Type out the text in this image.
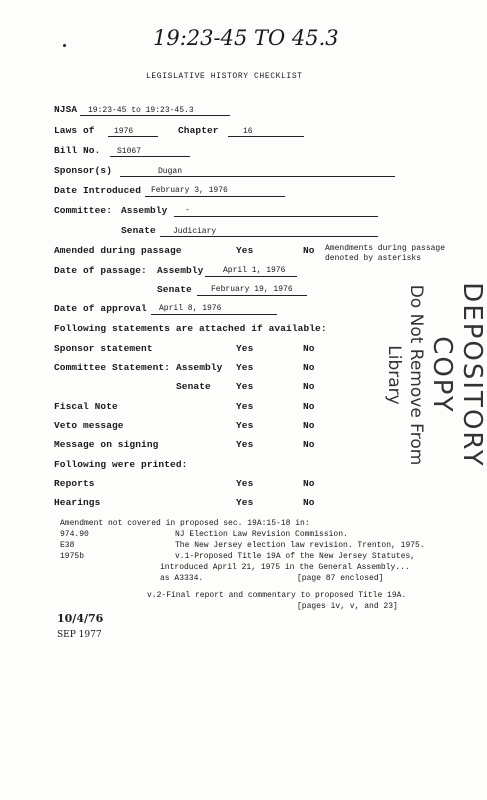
19:23-45 TO 45.3
LEGISLATIVE HISTORY CHECKLIST
NJSA 19:23-45 to 19:23-45.3
Laws of 1976	Chapter	16
Bill No. S1067
Sponsor(s)	Dugan
Date Introduced February 3, 1976
Committee: Assembly -
Senate Judiciary
Amended during passage	Yes	No Amendments during passage
denoted by asterisks
Date of passage: Assembly April 1, 1976
Senate February 19, 1976
Date of approval April 8, 1976
Following statements are attached if available:
Sponsor statement	Yes	No
Committee Statement: Assembly Yes	No
Senate	Yes	No
Fiscal Note	Yes	No
Veto message	Yes	No
Message on signing	Yes	No
Following were printed:
Reports	Yes	No
Hearings	Yes	No
DEPOSITORY COPY
Do Not Remove From Library
Amendment not covered in proposed sec. 19A:15-18 in:
974.90	NJ Election Law Revision Commission.
E38	The New Jersey election law revision. Trenton, 1975.
1975b	v.1-Proposed Title 19A of the New Jersey Statutes,
introduced April 21, 1975 in the General Assembly...
as A3334.	[page 87 enclosed]
v.2-Final report and commentary to proposed Title 19A.
[pages iv, v, and 23]
10/4/76
SEP 1977
